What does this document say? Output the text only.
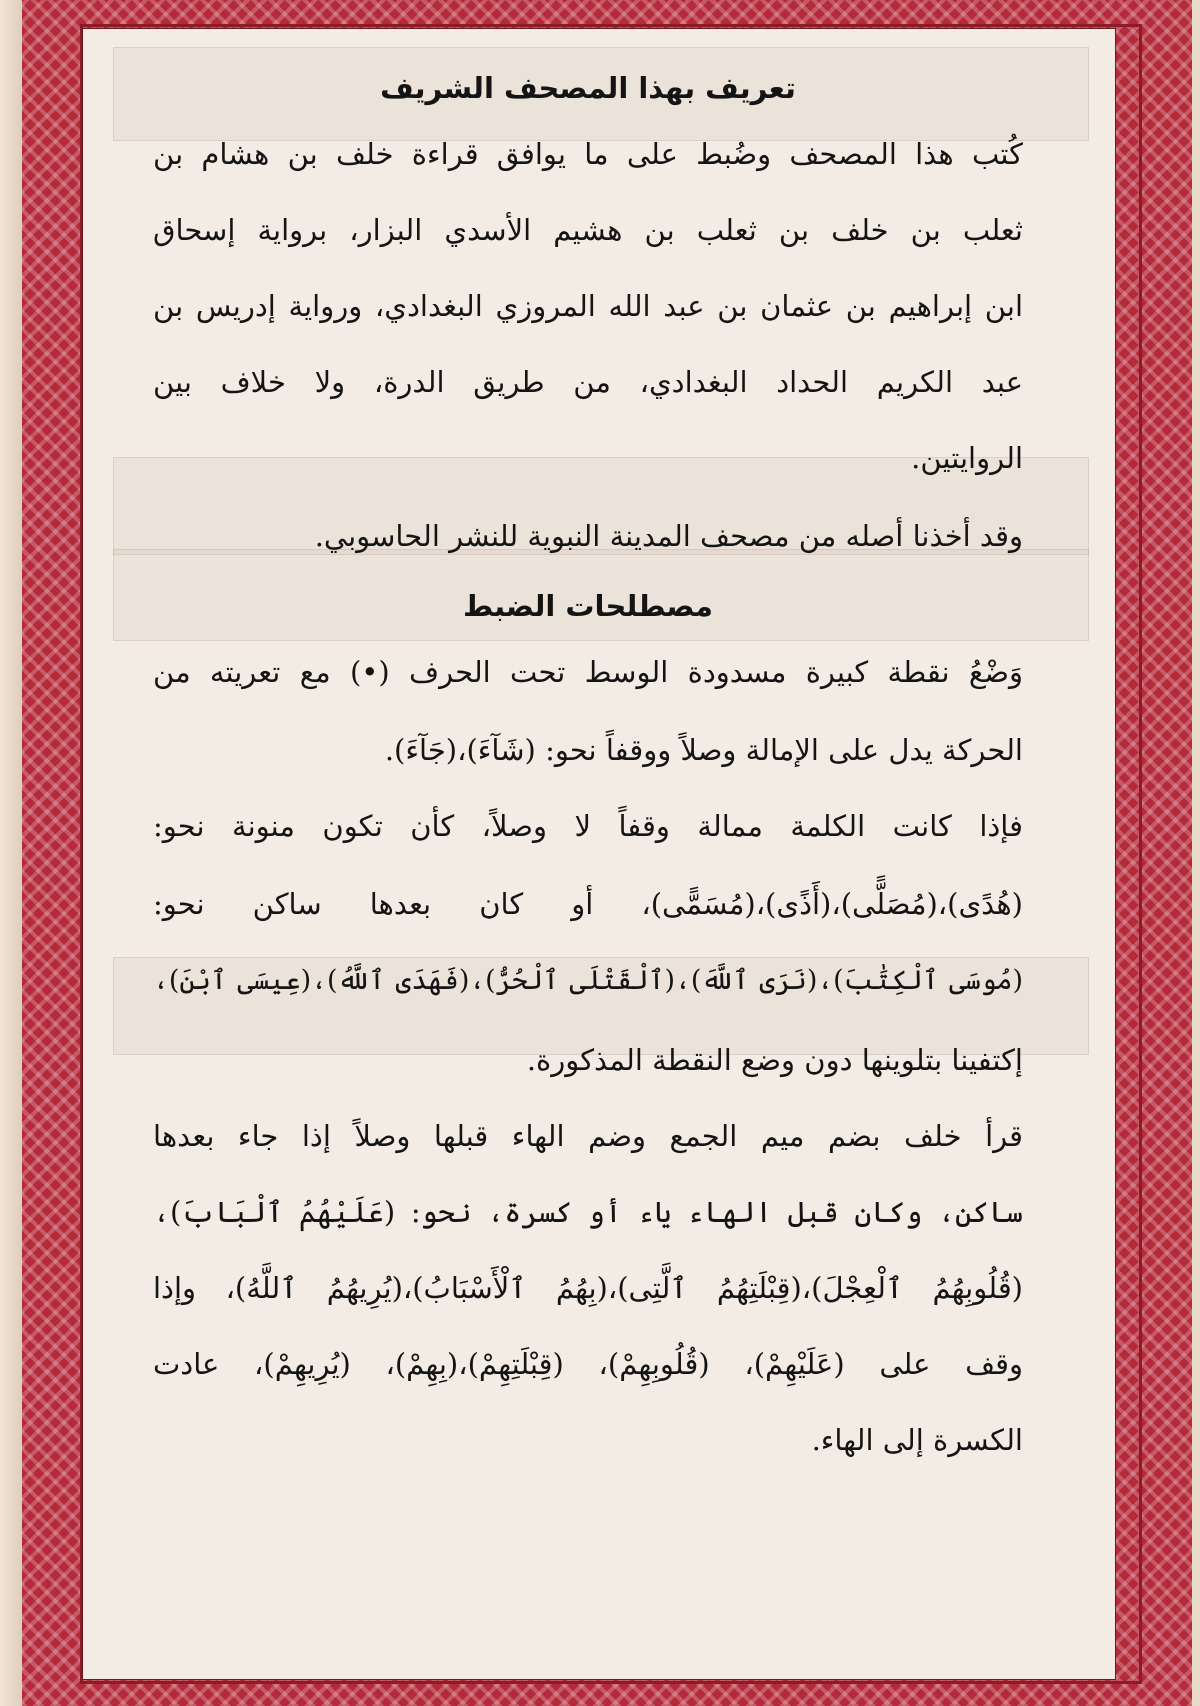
تعريف بهذا المصحف الشريف

كُتب هذا المصحف وضُبط على ما يوافق قراءة خلف بن هشام بن

ثعلب بن خلف بن ثعلب بن هشيم الأسدي البزار، برواية إسحاق

ابن إبراهيم بن عثمان بن عبد الله المروزي البغدادي، ورواية إدريس بن

عبد الكريم الحداد البغدادي، من طريق الدرة، ولا خلاف بين

الروايتين.

وقد أخذنا أصله من مصحف المدينة النبوية للنشر الحاسوبي.

مصطلحات الضبط

وَضْعُ نقطة كبيرة مسدودة الوسط تحت الحرف (•) مع تعريته من

الحركة يدل على الإمالة وصلاً ووقفاً نحو: (شَآءَ)،(جَآءَ).

فإذا كانت الكلمة ممالة وقفاً لا وصلاً، كأن تكون منونة نحو:

(هُدًى)،(مُصَلًّى)،(أَذًى)،(مُسَمًّى)، أو كان بعدها ساكن نحو:

(مُوسَى ٱلْكِتَٰبَ)،(نَرَى ٱللَّهَ)،(ٱلْقَتْلَى ٱلْحُرُّ)،(فَهَدَى ٱللَّهُ)،(عِيسَى ٱبْنَ)،

إكتفينا بتلوينها دون وضع النقطة المذكورة.

قرأ خلف بضم ميم الجمع وضم الهاء قبلها وصلاً إذا جاء بعدها

ساكن، وكان قبل الهاء ياء أو كسرة، نحو: (عَلَيْهُمُ ٱلْبَابَ)،

(قُلُوبِهُمُ ٱلْعِجْلَ)،(قِبْلَتِهُمُ ٱلَّتِى)،(بِهُمُ ٱلْأَسْبَابُ)،(يُرِيهُمُ ٱللَّهُ)، وإذا

وقف على (عَلَيْهِمْ)، (قُلُوبِهِمْ)، (قِبْلَتِهِمْ)،(بِهِمْ)، (يُرِيهِمْ)، عادت

الكسرة إلى الهاء.
